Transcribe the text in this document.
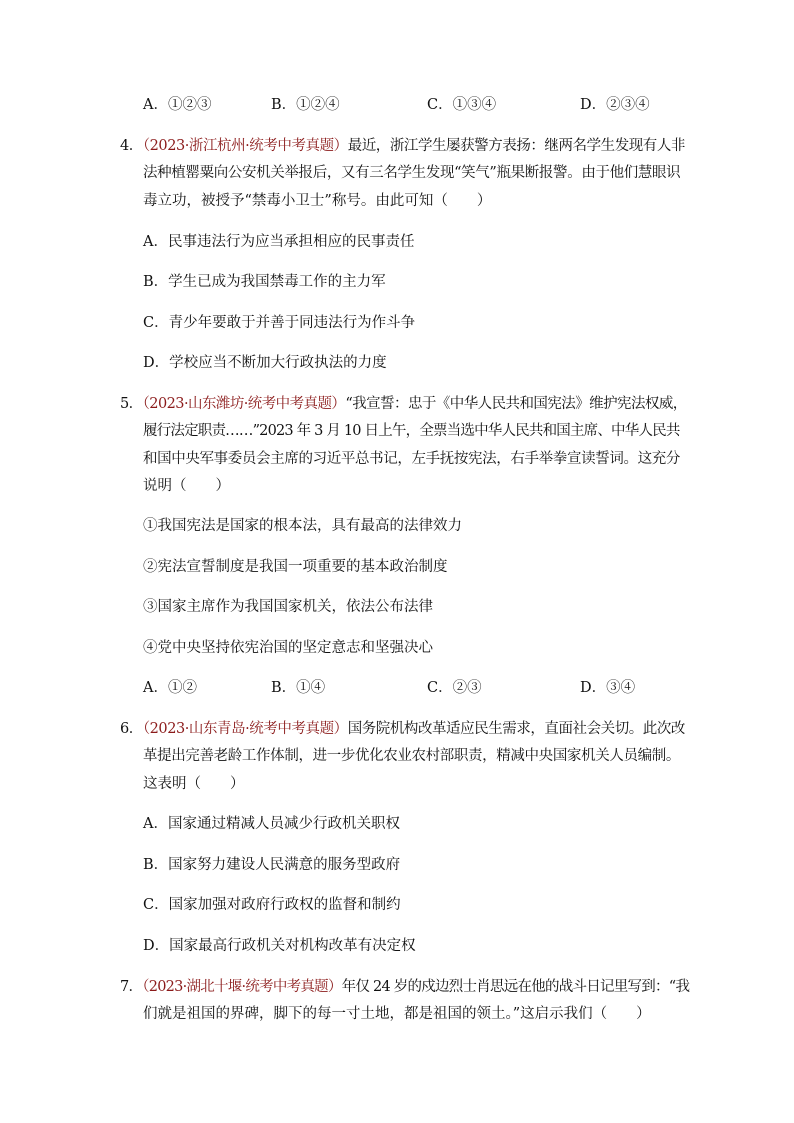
A．①②③	B．①②④	C．①③④	D．②③④
4．（2023·浙江杭州·统考中考真题）最近，浙江学生屡获警方表扬：继两名学生发现有人非
法种植罂粟向公安机关举报后，又有三名学生发现“笑气”瓶果断报警。由于他们慧眼识
毒立功，被授予“禁毒小卫士”称号。由此可知（　　）
A．民事违法行为应当承担相应的民事责任
B．学生已成为我国禁毒工作的主力军
C．青少年要敢于并善于同违法行为作斗争
D．学校应当不断加大行政执法的力度
5．（2023·山东潍坊·统考中考真题）“我宣誓：忠于《中华人民共和国宪法》维护宪法权威，
履行法定职责……”2023 年 3 月 10 日上午，全票当选中华人民共和国主席、中华人民共
和国中央军事委员会主席的习近平总书记，左手抚按宪法，右手举拳宣读誓词。这充分
说明（　　）
①我国宪法是国家的根本法，具有最高的法律效力
②宪法宣誓制度是我国一项重要的基本政治制度
③国家主席作为我国国家机关，依法公布法律
④党中央坚持依宪治国的坚定意志和坚强决心
A．①②	B．①④	C．②③	D．③④
6．（2023·山东青岛·统考中考真题）国务院机构改革适应民生需求，直面社会关切。此次改
革提出完善老龄工作体制，进一步优化农业农村部职责，精减中央国家机关人员编制。
这表明（　　）
A．国家通过精减人员减少行政机关职权
B．国家努力建设人民满意的服务型政府
C．国家加强对政府行政权的监督和制约
D．国家最高行政机关对机构改革有决定权
7．（2023·湖北十堰·统考中考真题）年仅 24 岁的戍边烈士肖思远在他的战斗日记里写到：“我
们就是祖国的界碑，脚下的每一寸土地，都是祖国的领土。”这启示我们（　　）
